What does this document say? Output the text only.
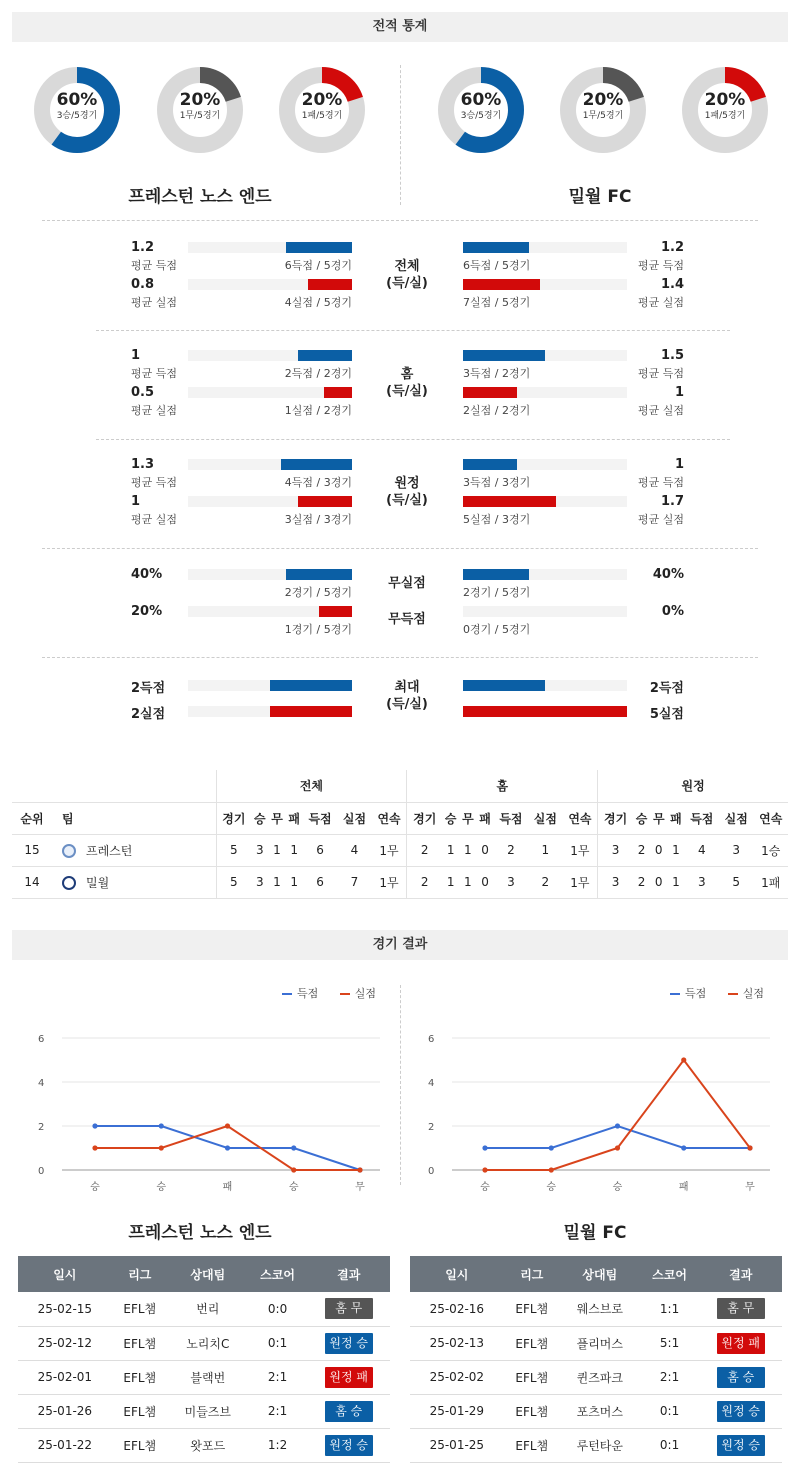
전적 통계
60%
3승/5경기
20%
1무/5경기
20%
1패/5경기
60%
3승/5경기
20%
1무/5경기
20%
1패/5경기
프레스턴 노스 엔드	밀월 FC
1.2
평균 득점
0.8
평균 실점
6득점 / 5경기
4실점 / 5경기
전체
(득/실)
6득점 / 5경기
7실점 / 5경기
1.2
평균 득점
1.4
평균 실점
1
평균 득점
0.5
평균 실점
2득점 / 2경기
1실점 / 2경기
홈
(득/실)
3득점 / 2경기
2실점 / 2경기
1.5
평균 득점
1
평균 실점
1.3
평균 득점
1
평균 실점
4득점 / 3경기
3실점 / 3경기
원정
(득/실)
3득점 / 3경기
5실점 / 3경기
1
평균 득점
1.7
평균 실점
40%
20%
2경기 / 5경기
1경기 / 5경기
무실점
무득점
2경기 / 5경기
0경기 / 5경기
40%
0%
2득점
2실점
최대
(득/실)
2득점
5실점
		전체							홈							원정						
순위	팀	경기	승	무	패	득점	실점	연속	경기	승	무	패	득점	실점	연속	경기	승	무	패	득점	실점	연속
15	프레스턴	5	3	1	1	6	4	1무	2	1	1	0	2	1	1무	3	2	0	1	4	3	1승
14	밀월	5	3	1	1	6	7	1무	2	1	1	0	3	2	1무	3	2	0	1	3	5	1패
경기 결과
득점	실점	득점	실점
0
2
4
6
승	승	패	승	무
0
2
4
6
승	승	승	패	무
프레스턴 노스 엔드	밀월 FC
일시	리그	상대팀	스코어	결과
25-02-15	EFL챔	번리	0:0	홈 무
25-02-12	EFL챔	노리치C	0:1	원정 승
25-02-01	EFL챔	블랙번	2:1	원정 패
25-01-26	EFL챔	미들즈브	2:1	홈 승
25-01-22	EFL챔	왓포드	1:2	원정 승
일시	리그	상대팀	스코어	결과
25-02-16	EFL챔	웨스브로	1:1	홈 무
25-02-13	EFL챔	플리머스	5:1	원정 패
25-02-02	EFL챔	퀸즈파크	2:1	홈 승
25-01-29	EFL챔	포츠머스	0:1	원정 승
25-01-25	EFL챔	루턴타운	0:1	원정 승
